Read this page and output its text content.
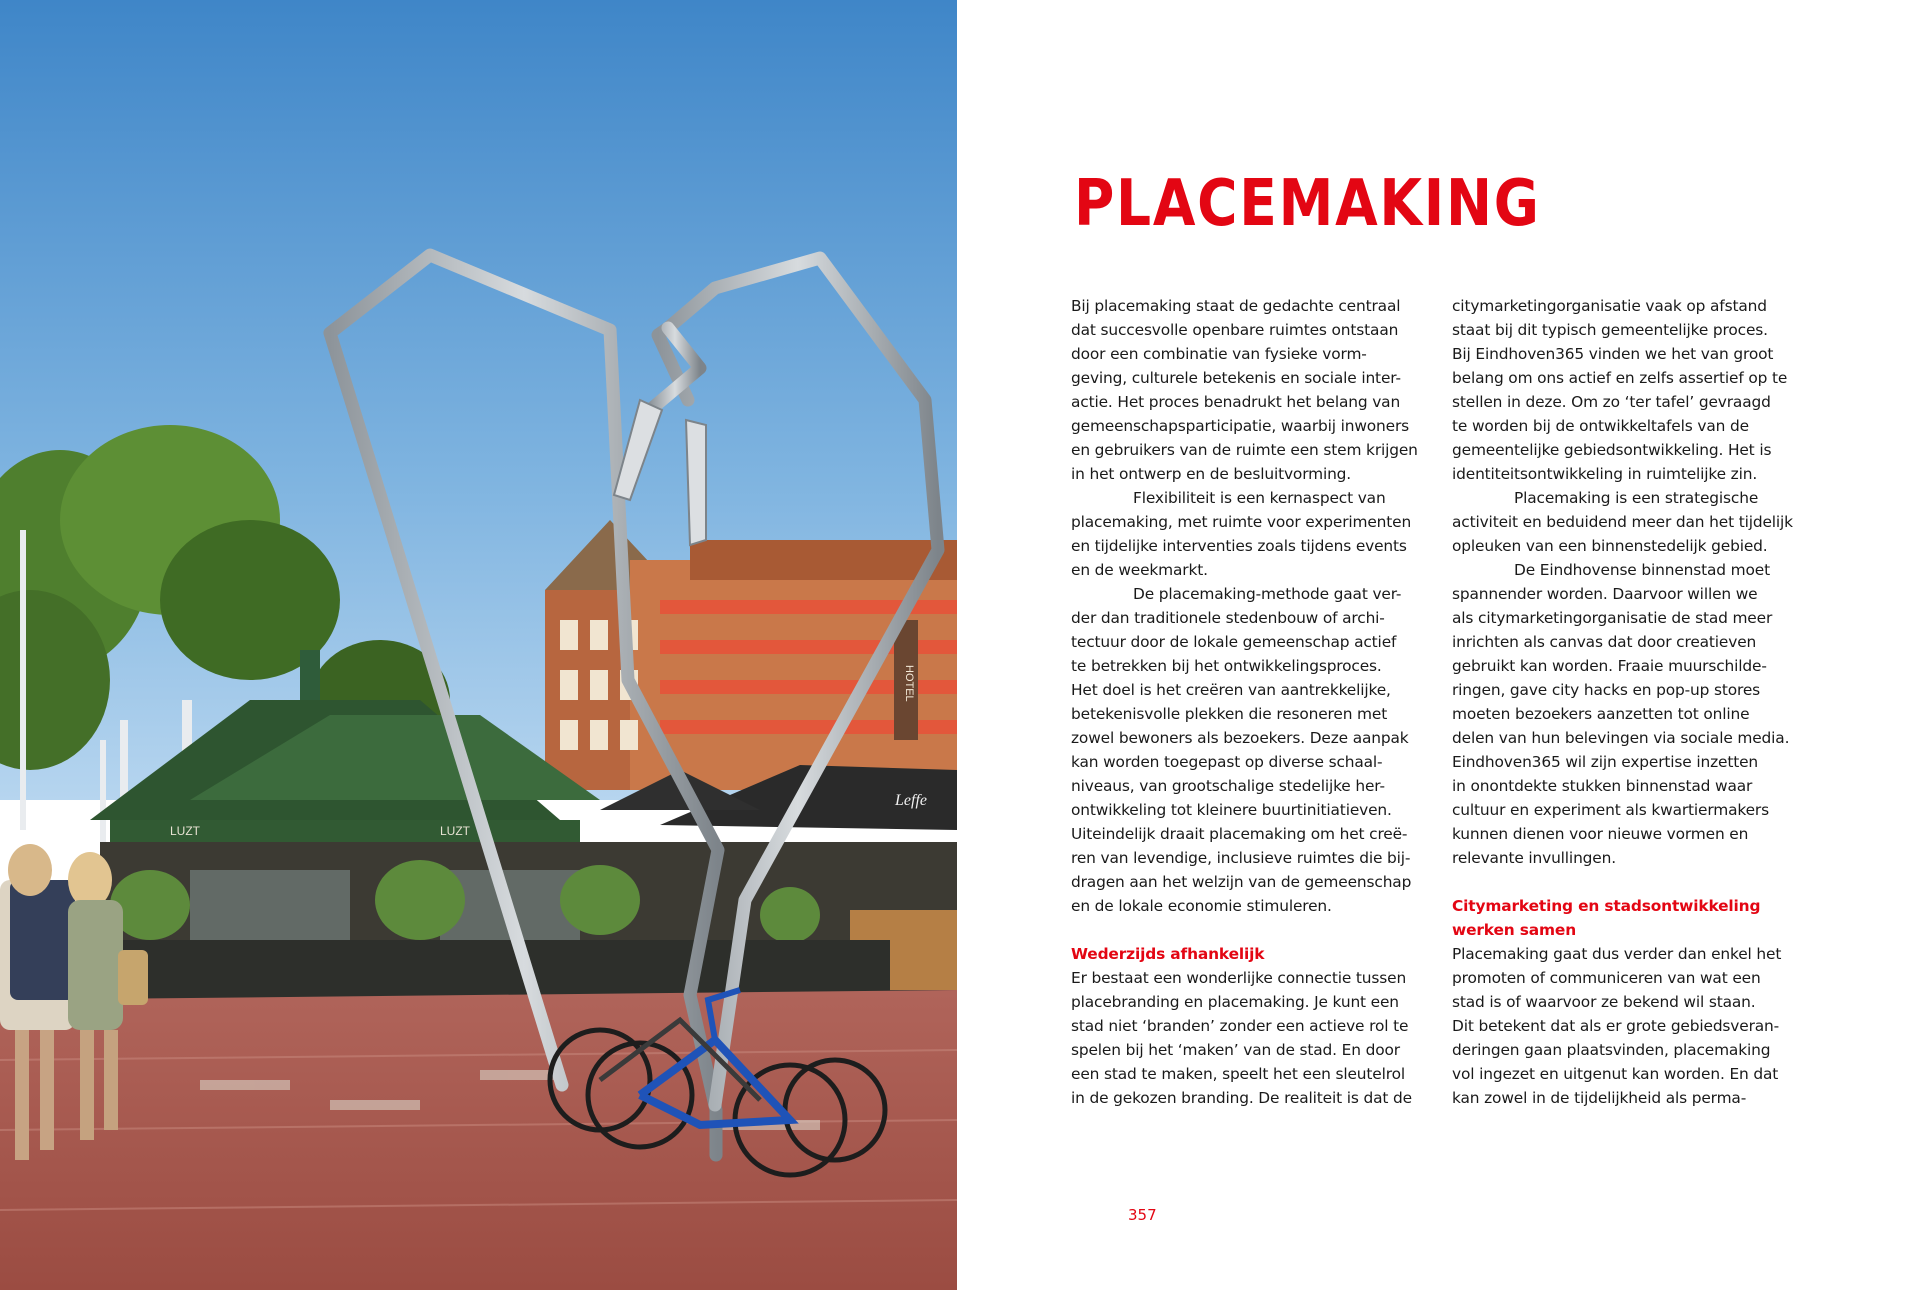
HOTEL
LUZT	LUZT
Leffe
PLACEMAKING
Bij placemaking staat de gedachte centraal
dat succesvolle openbare ruimtes ontstaan
door een combinatie van fysieke vorm-
geving, culturele betekenis en sociale inter-
actie. Het proces benadrukt het belang van
gemeenschapsparticipatie, waarbij inwoners
en gebruikers van de ruimte een stem krijgen
in het ontwerp en de besluitvorming.
Flexibiliteit is een kernaspect van
placemaking, met ruimte voor experimenten
en tijdelijke interventies zoals tijdens events
en de weekmarkt.
De placemaking-methode gaat ver-
der dan traditionele stedenbouw of archi-
tectuur door de lokale gemeenschap actief
te betrekken bij het ontwikkelingsproces.
Het doel is het creëren van aantrekkelijke,
betekenisvolle plekken die resoneren met
zowel bewoners als bezoekers. Deze aanpak
kan worden toegepast op diverse schaal-
niveaus, van grootschalige stedelijke her-
ontwikkeling tot kleinere buurtinitiatieven.
Uiteindelijk draait placemaking om het creë-
ren van levendige, inclusieve ruimtes die bij-
dragen aan het welzijn van de gemeenschap
en de lokale economie stimuleren.
Wederzijds afhankelijk
Er bestaat een wonderlijke connectie tussen
placebranding en placemaking. Je kunt een
stad niet ‘branden’ zonder een actieve rol te
spelen bij het ‘maken’ van de stad. En door
een stad te maken, speelt het een sleutelrol
in de gekozen branding. De realiteit is dat de
citymarketingorganisatie vaak op afstand
staat bij dit typisch gemeentelijke proces.
Bij Eindhoven365 vinden we het van groot
belang om ons actief en zelfs assertief op te
stellen in deze. Om zo ‘ter tafel’ gevraagd
te worden bij de ontwikkeltafels van de
gemeentelijke gebiedsontwikkeling. Het is
identiteitsontwikkeling in ruimtelijke zin.
Placemaking is een strategische
activiteit en beduidend meer dan het tijdelijk
opleuken van een binnenstedelijk gebied.
De Eindhovense binnenstad moet
spannender worden. Daarvoor willen we
als citymarketingorganisatie de stad meer
inrichten als canvas dat door creatieven
gebruikt kan worden. Fraaie muurschilde-
ringen, gave city hacks en pop-up stores
moeten bezoekers aanzetten tot online
delen van hun belevingen via sociale media.
Eindhoven365 wil zijn expertise inzetten
in onontdekte stukken binnenstad waar
cultuur en experiment als kwartiermakers
kunnen dienen voor nieuwe vormen en
relevante invullingen.
Citymarketing en stadsontwikkeling
werken samen
Placemaking gaat dus verder dan enkel het
promoten of communiceren van wat een
stad is of waarvoor ze bekend wil staan.
Dit betekent dat als er grote gebiedsveran-
deringen gaan plaatsvinden, placemaking
vol ingezet en uitgenut kan worden. En dat
kan zowel in de tijdelijkheid als perma-
357
